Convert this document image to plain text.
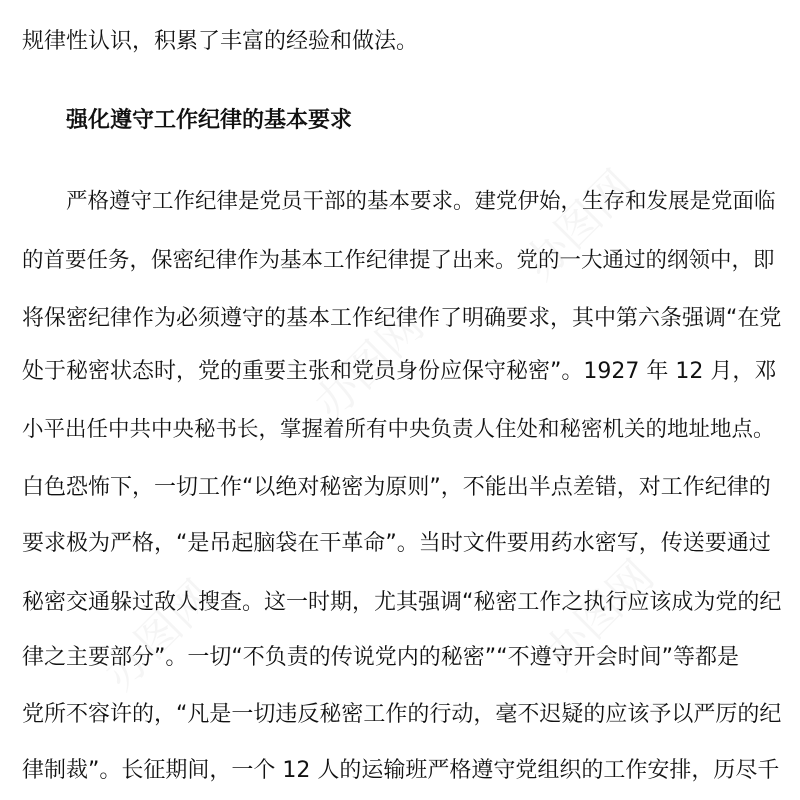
办图网
办图网
办图网
办图网
规律性认识，积累了丰富的经验和做法。
强化遵守工作纪律的基本要求
严格遵守工作纪律是党员干部的基本要求。建党伊始，生存和发展是党面临
的首要任务，保密纪律作为基本工作纪律提了出来。党的一大通过的纲领中，即
将保密纪律作为必须遵守的基本工作纪律作了明确要求，其中第六条强调“在党
处于秘密状态时，党的重要主张和党员身份应保守秘密”。1927 年 12 月，邓
小平出任中共中央秘书长，掌握着所有中央负责人住处和秘密机关的地址地点。
白色恐怖下，一切工作“以绝对秘密为原则”，不能出半点差错，对工作纪律的
要求极为严格，“是吊起脑袋在干革命”。当时文件要用药水密写，传送要通过
秘密交通躲过敌人搜查。这一时期，尤其强调“秘密工作之执行应该成为党的纪
律之主要部分”。一切“不负责的传说党内的秘密”“不遵守开会时间”等都是
党所不容许的，“凡是一切违反秘密工作的行动，毫不迟疑的应该予以严厉的纪
律制裁”。长征期间，一个 12 人的运输班严格遵守党组织的工作安排，历尽千
